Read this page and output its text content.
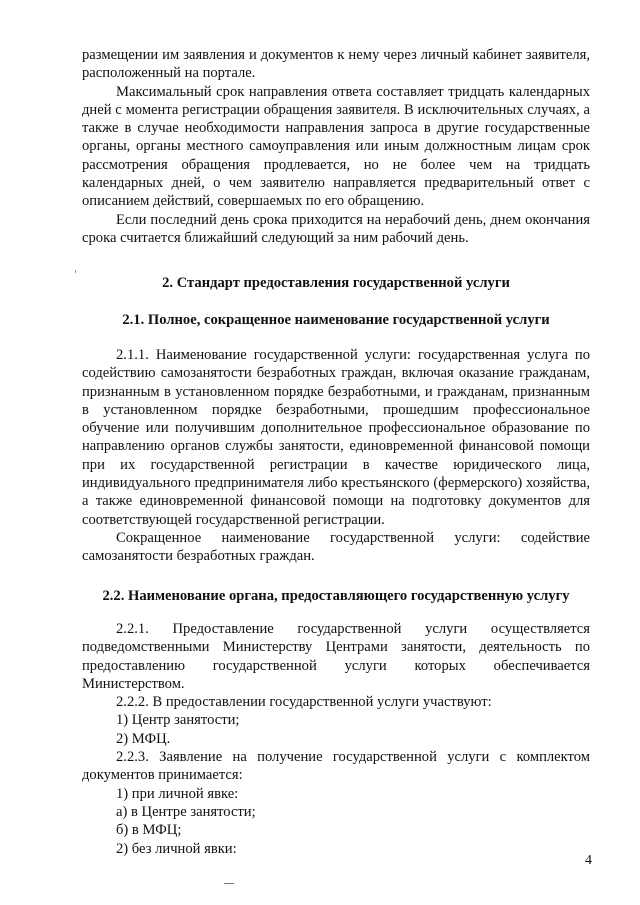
размещении им заявления и документов к нему через личный кабинет заявителя, расположенный на портале.

Максимальный срок направления ответа составляет тридцать календарных дней с момента регистрации обращения заявителя. В исключительных случаях, а также в случае необходимости направления запроса в другие государственные органы, органы местного самоуправления или иным должностным лицам срок рассмотрения обращения продлевается, но не более чем на тридцать календарных дней, о чем заявителю направляется предварительный ответ с описанием действий, совершаемых по его обращению.

Если последний день срока приходится на нерабочий день, днем окончания срока считается ближайший следующий за ним рабочий день.

2. Стандарт предоставления государственной услуги
2.1. Полное, сокращенное наименование государственной услуги

2.1.1. Наименование государственной услуги: государственная услуга по содействию самозанятости безработных граждан, включая оказание гражданам, признанным в установленном порядке безработными, и гражданам, признанным в установленном порядке безработными, прошедшим профессиональное обучение или получившим дополнительное профессиональное образование по направлению органов службы занятости, единовременной финансовой помощи при их государственной регистрации в качестве юридического лица, индивидуального предпринимателя либо крестьянского (фермерского) хозяйства, а также единовременной финансовой помощи на подготовку документов для соответствующей государственной регистрации.

Сокращенное наименование государственной услуги: содействие самозанятости безработных граждан.

2.2. Наименование органа, предоставляющего государственную услугу

2.2.1. Предоставление государственной услуги осуществляется подведомственными Министерству Центрами занятости, деятельность по предоставлению государственной услуги которых обеспечивается Министерством.

2.2.2. В предоставлении государственной услуги участвуют:

1) Центр занятости;

2) МФЦ.

2.2.3. Заявление на получение государственной услуги с комплектом документов принимается:

1) при личной явке:

а) в Центре занятости;

б) в МФЦ;

2) без личной явки:

4
